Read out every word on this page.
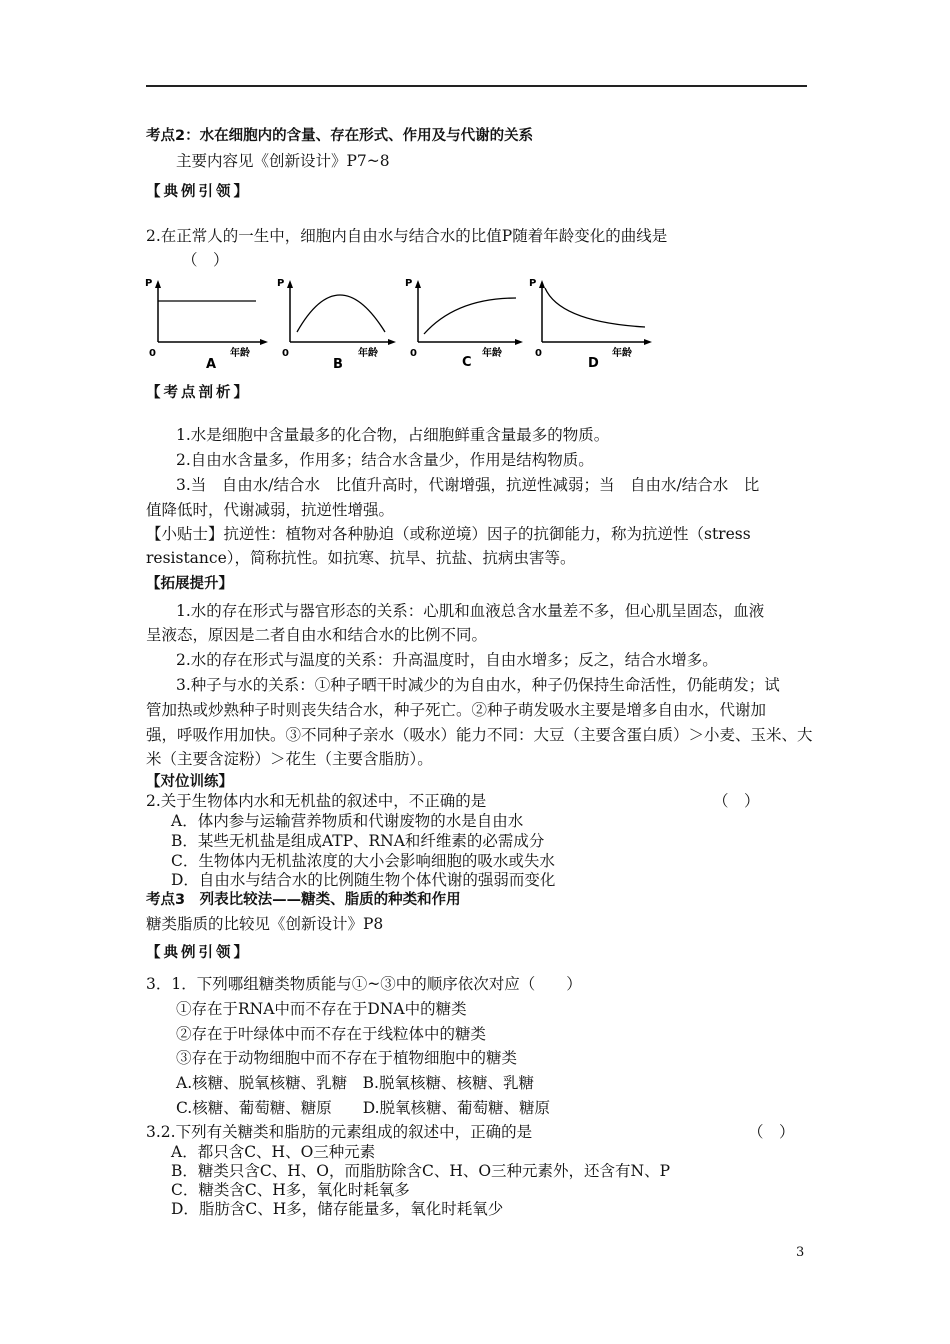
考点2：水在细胞内的含量、存在形式、作用及与代谢的关系
主要内容见《创新设计》P7~8
【典例引领】
2.在正常人的一生中，细胞内自由水与结合水的比值P随着年龄变化的曲线是
（　）
P
0	年龄
A
P
0	年龄
B
P
0	年龄
C
P
0	年龄
D
【考点剖析】
1.水是细胞中含量最多的化合物，占细胞鲜重含量最多的物质。
2.自由水含量多，作用多；结合水含量少，作用是结构物质。
3.当　自由水/结合水　比值升高时，代谢增强，抗逆性减弱；当　自由水/结合水　比
值降低时，代谢减弱，抗逆性增强。
【小贴士】抗逆性：植物对各种胁迫（或称逆境）因子的抗御能力，称为抗逆性（stress
resistance），简称抗性。如抗寒、抗旱、抗盐、抗病虫害等。
【拓展提升】
1.水的存在形式与器官形态的关系：心肌和血液总含水量差不多，但心肌呈固态，血液
呈液态，原因是二者自由水和结合水的比例不同。
2.水的存在形式与温度的关系：升高温度时，自由水增多；反之，结合水增多。
3.种子与水的关系：①种子晒干时减少的为自由水，种子仍保持生命活性，仍能萌发；试
管加热或炒熟种子时则丧失结合水，种子死亡。②种子萌发吸水主要是增多自由水，代谢加
强，呼吸作用加快。③不同种子亲水（吸水）能力不同：大豆（主要含蛋白质）＞小麦、玉米、大
米（主要含淀粉）＞花生（主要含脂肪）。
【对位训练】
2.关于生物体内水和无机盐的叙述中，不正确的是	（　）
A．体内参与运输营养物质和代谢废物的水是自由水
B．某些无机盐是组成ATP、RNA和纤维素的必需成分
C．生物体内无机盐浓度的大小会影响细胞的吸水或失水
D．自由水与结合水的比例随生物个体代谢的强弱而变化
考点3　列表比较法——糖类、脂质的种类和作用
糖类脂质的比较见《创新设计》P8
【典例引领】
3．1．下列哪组糖类物质能与①~③中的顺序依次对应（　　）
①存在于RNA中而不存在于DNA中的糖类
②存在于叶绿体中而不存在于线粒体中的糖类
③存在于动物细胞中而不存在于植物细胞中的糖类
A.核糖、脱氧核糖、乳糖　B.脱氧核糖、核糖、乳糖
C.核糖、葡萄糖、糖原　　D.脱氧核糖、葡萄糖、糖原
3.2.下列有关糖类和脂肪的元素组成的叙述中，正确的是	（　）
A．都只含C、H、O三种元素
B．糖类只含C、H、O，而脂肪除含C、H、O三种元素外，还含有N、P
C．糖类含C、H多，氧化时耗氧多
D．脂肪含C、H多，储存能量多，氧化时耗氧少
3
